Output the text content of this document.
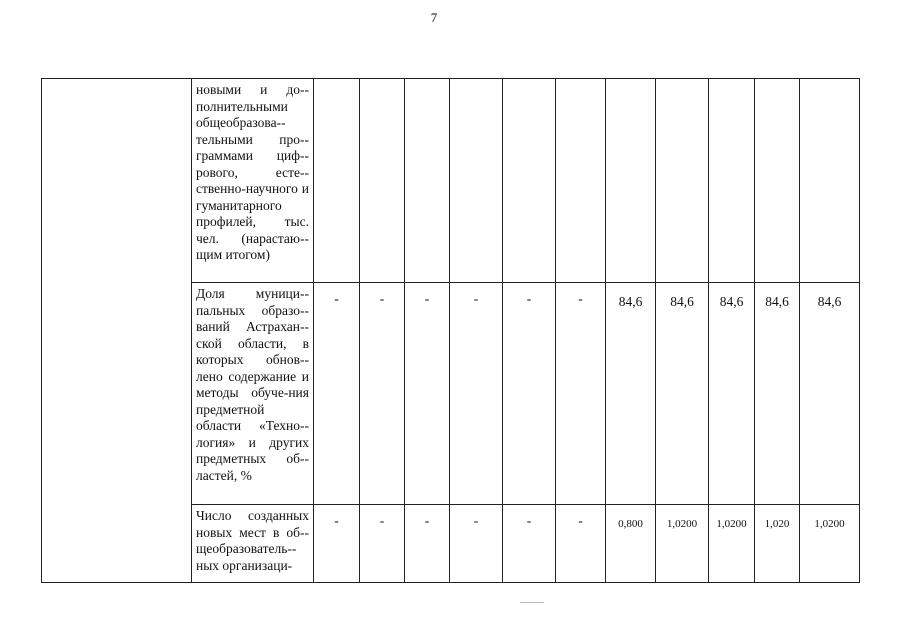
7
	новыми и до-полнительными общеобразова-тельными про-граммами циф-рового, есте-ственно-научного и гуманитарного профилей, тыс. чел. (нарастаю-щим итогом)											
	Доля муници-пальных образо-ваний Астрахан-ской области, в которых обнов-лено содержание и методы обуче-ния предметной области «Техно-логия» и других предметных об-ластей, %	-	-	-	-	-	-	84,6	84,6	84,6	84,6	84,6
	Число созданных новых мест в об-щеобразователь-ных организаци-	-	-	-	-	-	-	0,800	1,0200	1,0200	1,020	1,0200
